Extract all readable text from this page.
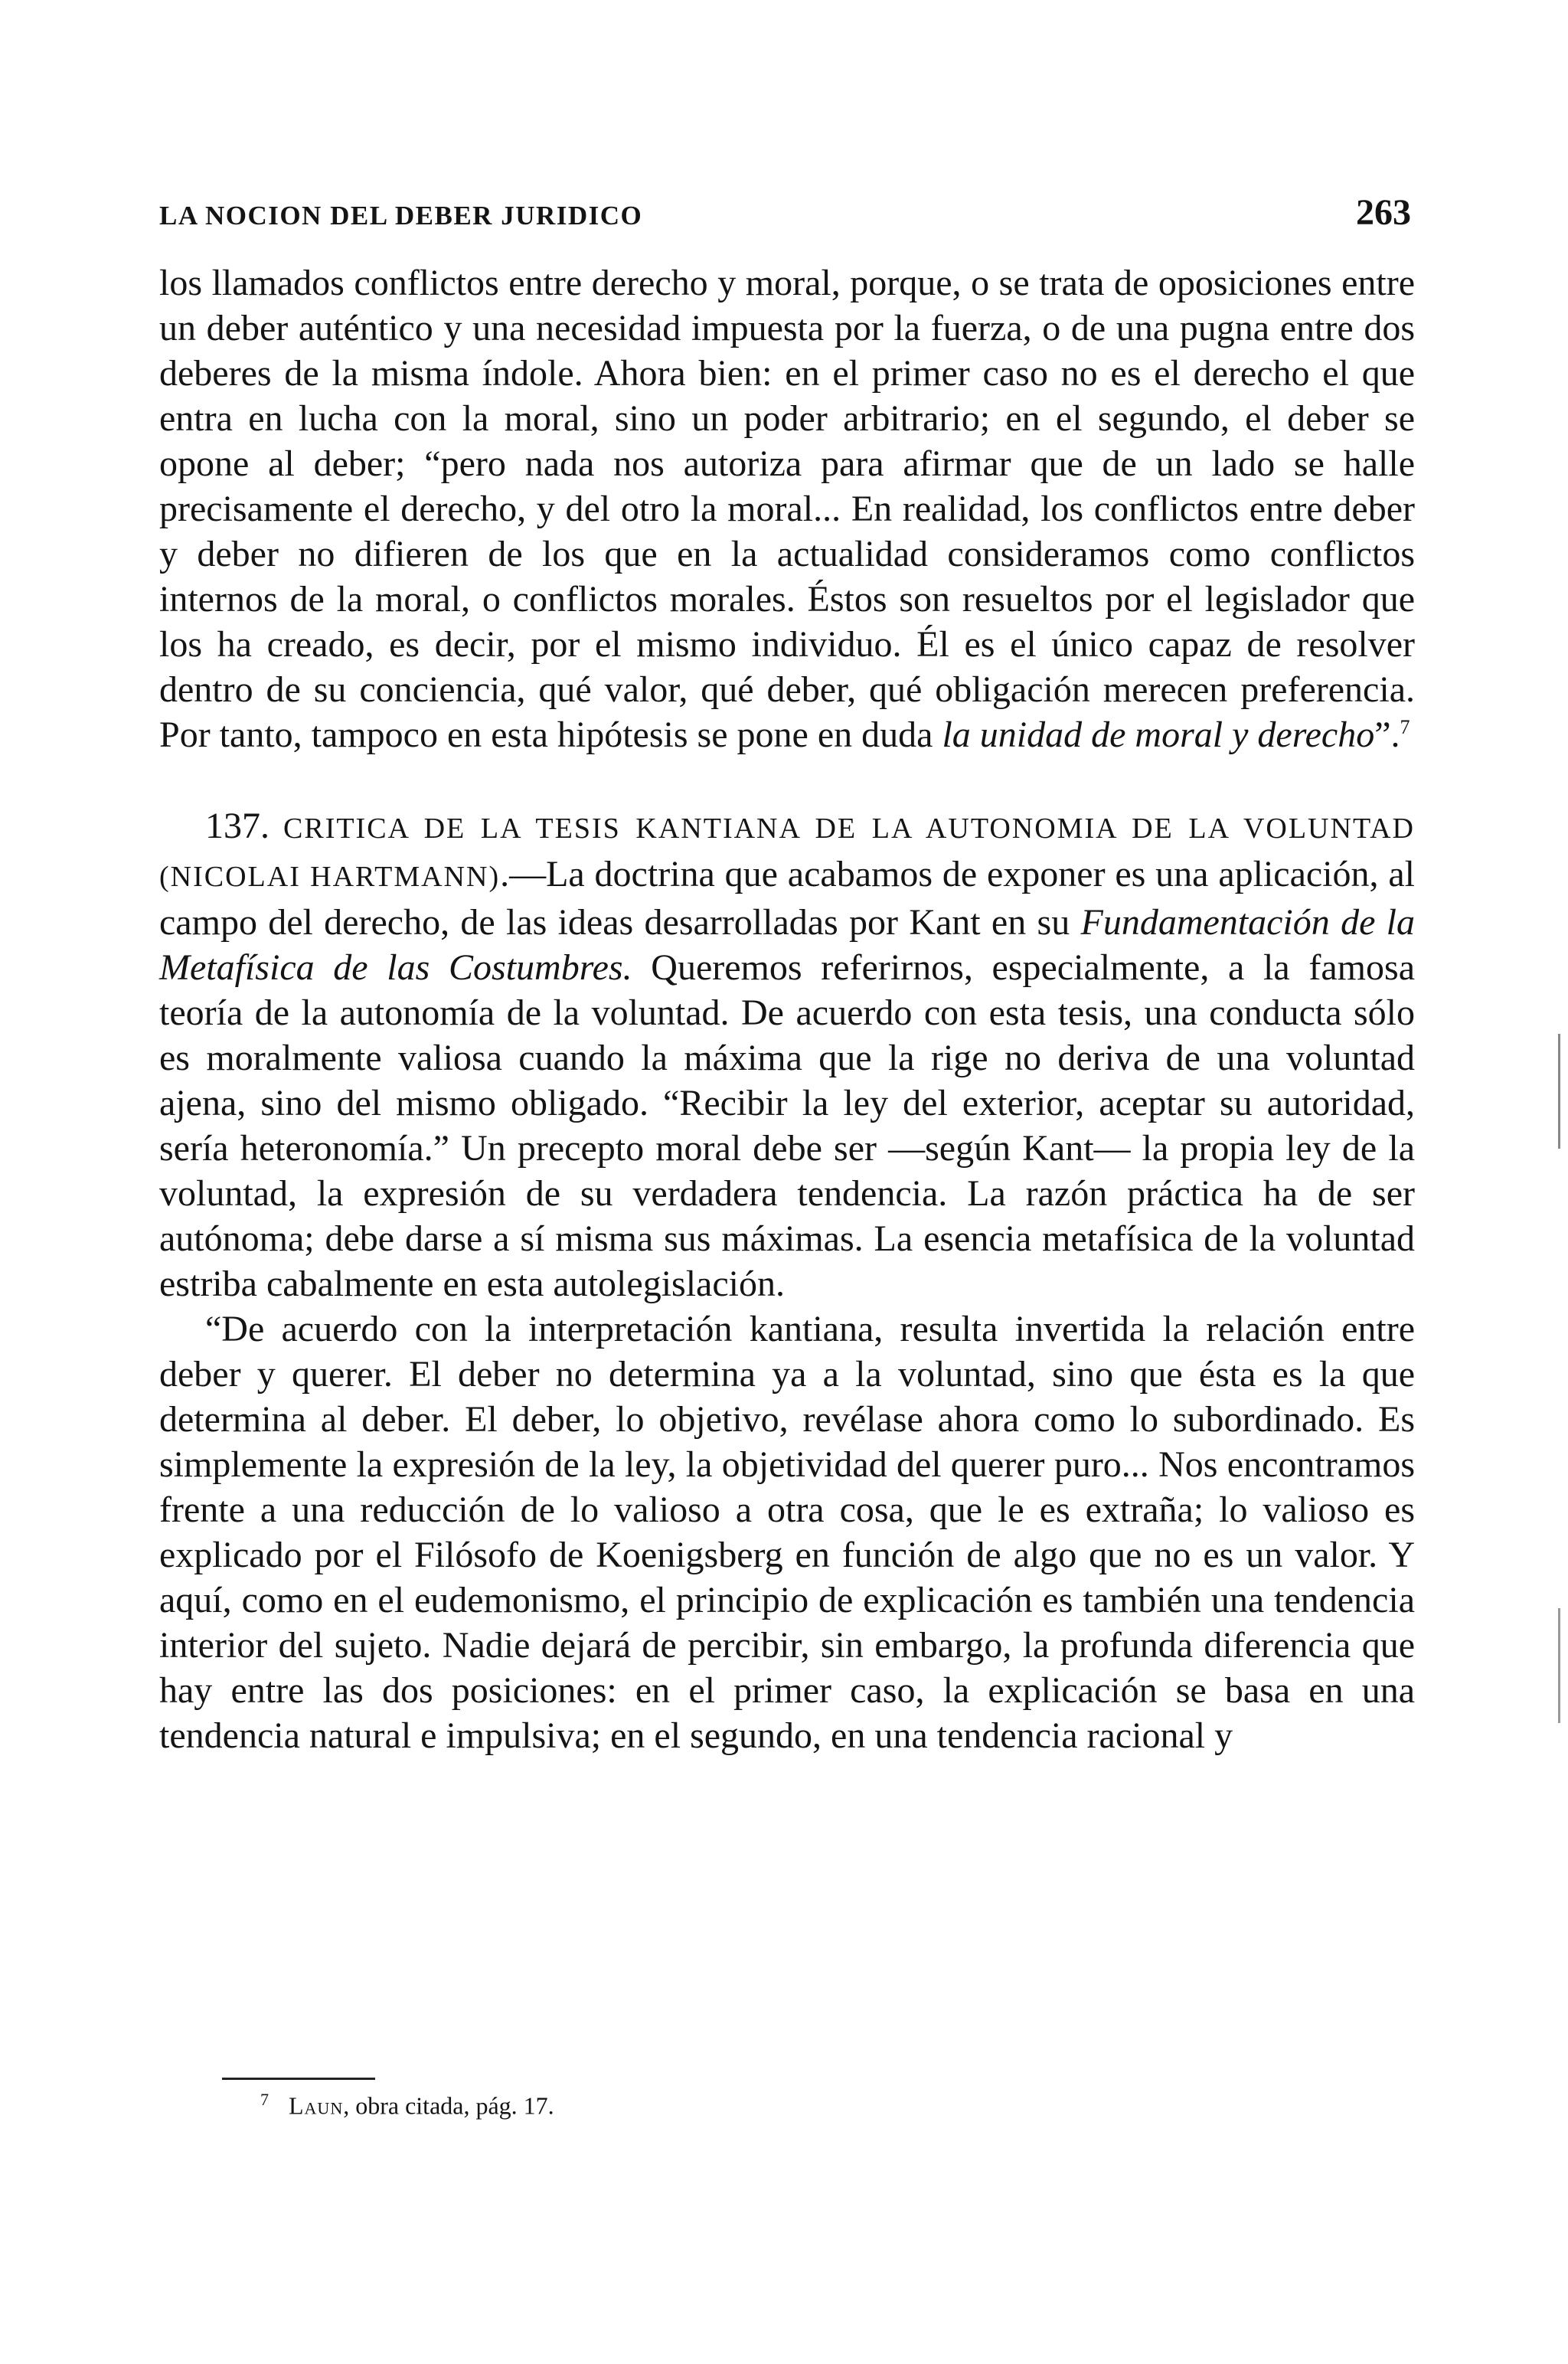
LA NOCION DEL DEBER JURIDICO	263

los llamados conflictos entre derecho y moral, porque, o se trata de oposiciones entre un deber auténtico y una necesidad impuesta por la fuerza, o de una pugna entre dos deberes de la misma índole. Ahora bien: en el primer caso no es el derecho el que entra en lucha con la moral, sino un poder arbitrario; en el segundo, el deber se opone al deber; “pero nada nos autoriza para afirmar que de un lado se halle precisamente el derecho, y del otro la moral... En realidad, los conflictos entre deber y deber no difieren de los que en la actualidad consideramos como conflictos internos de la moral, o conflictos morales. Éstos son resueltos por el legislador que los ha creado, es decir, por el mismo individuo. Él es el único capaz de resolver dentro de su conciencia, qué valor, qué deber, qué obligación merecen preferencia. Por tanto, tampoco en esta hipótesis se pone en duda la unidad de moral y derecho”.$^7$

137. CRITICA DE LA TESIS KANTIANA DE LA AUTONOMIA DE LA VOLUNTAD (NICOLAI HARTMANN).—La doctrina que acabamos de exponer es una aplicación, al campo del derecho, de las ideas desarrolladas por Kant en su Fundamentación de la Metafísica de las Costumbres. Queremos referirnos, especialmente, a la famosa teoría de la autonomía de la voluntad. De acuerdo con esta tesis, una conducta sólo es moralmente valiosa cuando la máxima que la rige no deriva de una voluntad ajena, sino del mismo obligado. “Recibir la ley del exterior, aceptar su autoridad, sería heteronomía.” Un precepto moral debe ser —según Kant— la propia ley de la voluntad, la expresión de su verdadera tendencia. La razón práctica ha de ser autónoma; debe darse a sí misma sus máximas. La esencia metafísica de la voluntad estriba cabalmente en esta autolegislación.

“De acuerdo con la interpretación kantiana, resulta invertida la relación entre deber y querer. El deber no determina ya a la voluntad, sino que ésta es la que determina al deber. El deber, lo objetivo, revélase ahora como lo subordinado. Es simplemente la expresión de la ley, la objetividad del querer puro... Nos encontramos frente a una reducción de lo valioso a otra cosa, que le es extraña; lo valioso es explicado por el Filósofo de Koenigsberg en función de algo que no es un valor. Y aquí, como en el eudemonismo, el principio de explicación es también una tendencia interior del sujeto. Nadie dejará de percibir, sin embargo, la profunda diferencia que hay entre las dos posiciones: en el primer caso, la explicación se basa en una tendencia natural e impulsiva; en el segundo, en una tendencia racional y

$^7$ Laun, obra citada, pág. 17.
